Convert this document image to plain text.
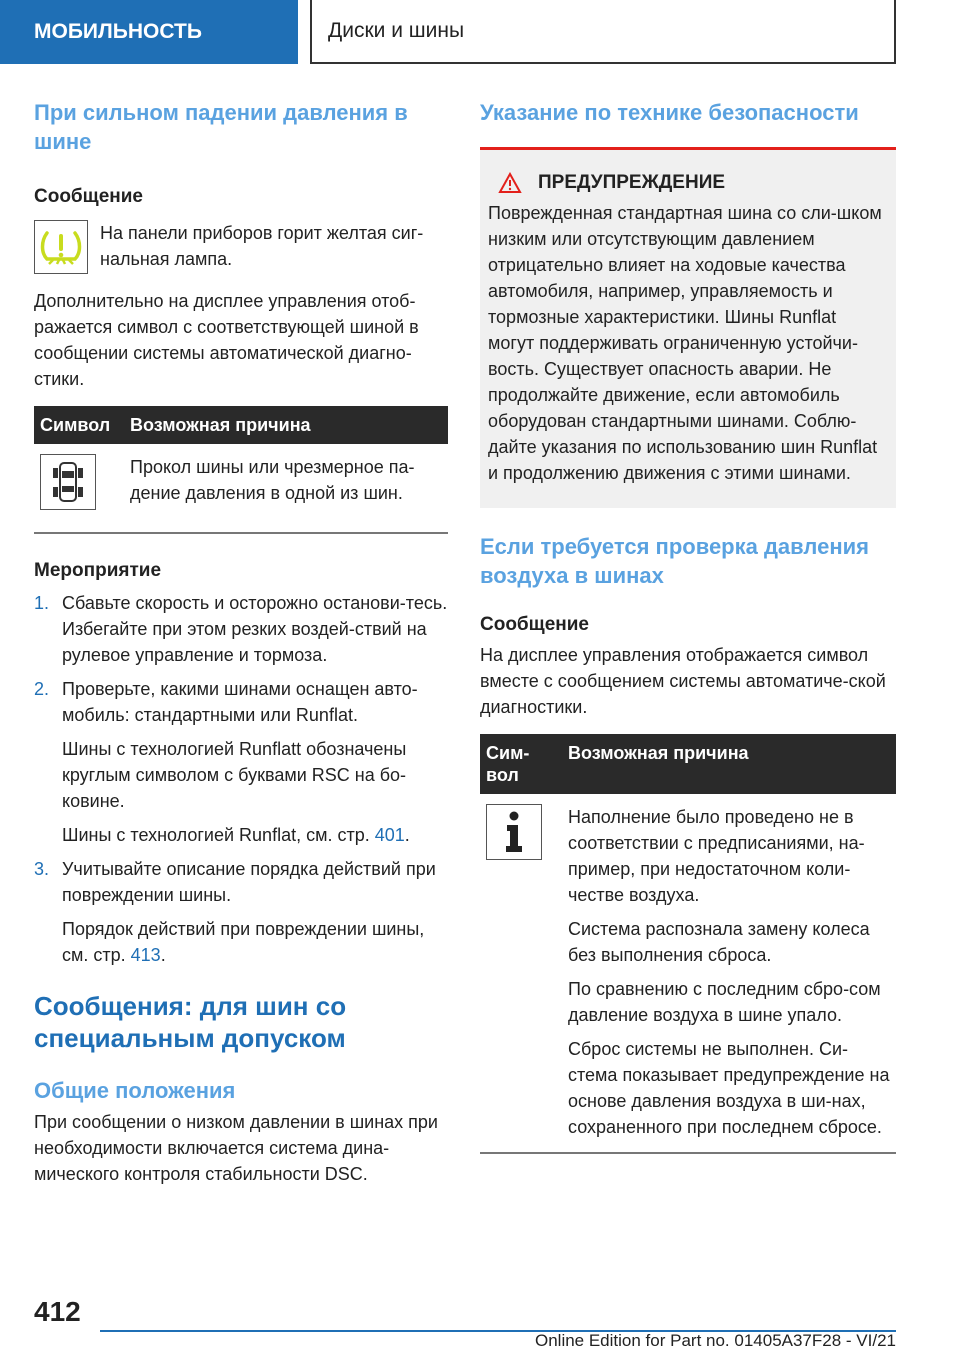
МОБИЛЬНОСТЬ	Диски и шины
При сильном падении давления в шине
Сообщение

На панели приборов горит желтая сиг‐нальная лампа.

Дополнительно на дисплее управления отоб‐ражается символ с соответствующей шиной в сообщении системы автоматической диагно‐стики.

Символ	Возможная причина

	Прокол шины или чрезмерное па‐дение давления в одной из шин.
Мероприятие
1. Сбавьте скорость и осторожно останови‐тесь. Избегайте при этом резких воздей‐ствий на рулевое управление и тормоза.
2. Проверьте, какими шинами оснащен авто‐мобиль: стандартными или Runflat.
Шины с технологией Runflatt обозначены круглым символом с буквами RSC на бо‐ковине.
Шины с технологией Runflat, см. стр. 401.
3. Учитывайте описание порядка действий при повреждении шины.
Порядок действий при повреждении шины, см. стр. 413.
Сообщения: для шин со специальным допуском
Общие положения

При сообщении о низком давлении в шинах при необходимости включается система дина‐мического контроля стабильности DSC.

Указание по технике безопасности
ПРЕДУПРЕЖДЕНИЕ

Поврежденная стандартная шина со сли‐шком низким или отсутствующим давлением отрицательно влияет на ходовые качества автомобиля, например, управляемость и тормозные характеристики. Шины Runflat могут поддерживать ограниченную устойчи‐вость. Существует опасность аварии. Не продолжайте движение, если автомобиль оборудован стандартными шинами. Соблю‐дайте указания по использованию шин Runflat и продолжению движения с этими шинами.

Если требуется проверка давления воздуха в шинах
Сообщение

На дисплее управления отображается символ вместе с сообщением системы автоматиче‐ской диагностики.

Сим‐вол	Возможная причина

Наполнение было проведено не в соответствии с предписаниями, на‐пример, при недостаточном коли‐честве воздуха.
Система распознала замену колеса без выполнения сброса.
По сравнению с последним сбро‐сом давление воздуха в шине упало.
Сброс системы не выполнен. Си‐стема показывает предупреждение на основе давления воздуха в ши‐нах, сохраненного при последнем сбросе.
412
Online Edition for Part no. 01405A37F28 - VI/21
